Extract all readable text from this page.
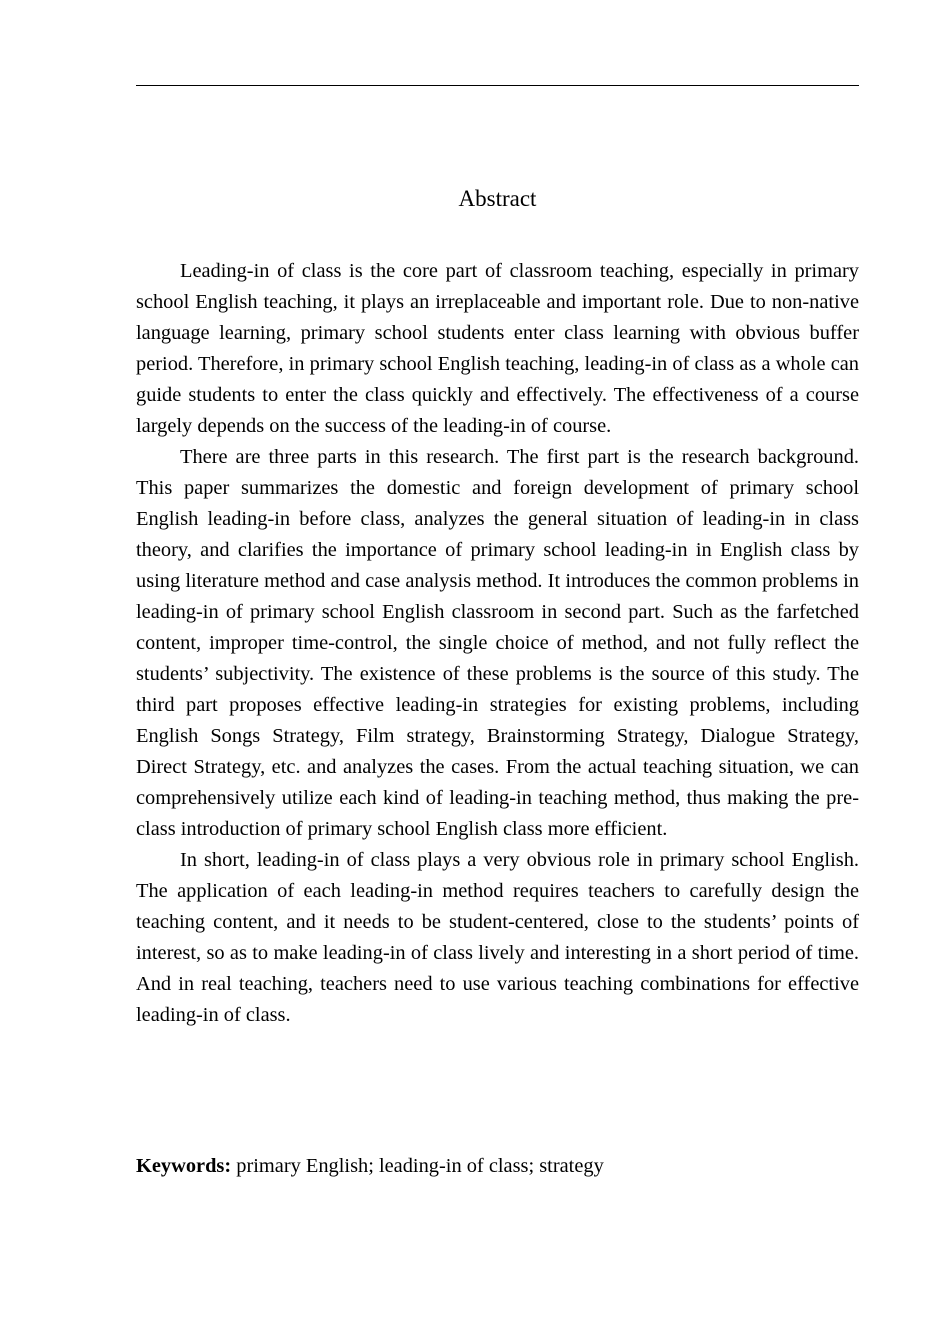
Abstract

Leading-in of class is the core part of classroom teaching, especially in primary school English teaching, it plays an irreplaceable and important role. Due to non-native language learning, primary school students enter class learning with obvious buffer period. Therefore, in primary school English teaching, leading-in of class as a whole can guide students to enter the class quickly and effectively. The effectiveness of a course largely depends on the success of the leading-in of course.

There are three parts in this research. The first part is the research background. This paper summarizes the domestic and foreign development of primary school English leading-in before class, analyzes the general situation of leading-in in class theory, and clarifies the importance of primary school leading-in in English class by using literature method and case analysis method. It introduces the common problems in leading-in of primary school English classroom in second part. Such as the farfetched content, improper time-control, the single choice of method, and not fully reflect the students’ subjectivity. The existence of these problems is the source of this study. The third part proposes effective leading-in strategies for existing problems, including English Songs Strategy, Film strategy, Brainstorming Strategy, Dialogue Strategy, Direct Strategy, etc. and analyzes the cases. From the actual teaching situation, we can comprehensively utilize each kind of leading-in teaching method, thus making the pre-class introduction of primary school English class more efficient.

In short, leading-in of class plays a very obvious role in primary school English. The application of each leading-in method requires teachers to carefully design the teaching content, and it needs to be student-centered, close to the students’ points of interest, so as to make leading-in of class lively and interesting in a short period of time. And in real teaching, teachers need to use various teaching combinations for effective leading-in of class.

Keywords: primary English; leading-in of class; strategy
